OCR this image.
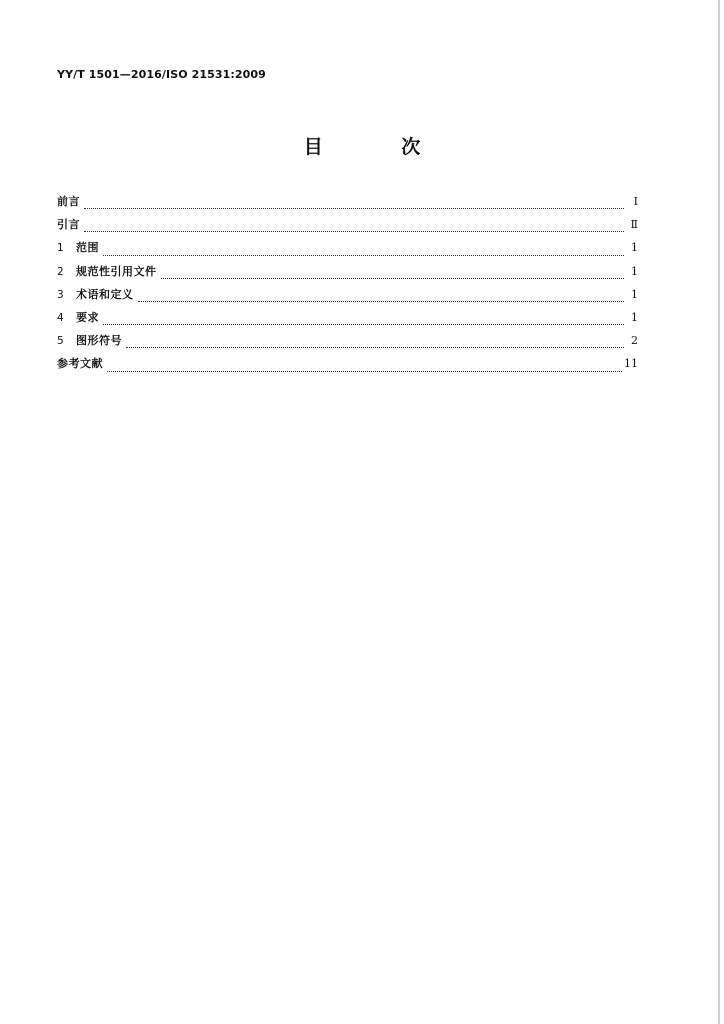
YY/T 1501—2016/ISO 21531:2009
目 次
前言	Ⅰ
引言	Ⅱ
1	范围	1
2	规范性引用文件	1
3	术语和定义	1
4	要求	1
5	图形符号	2
参考文献	11
